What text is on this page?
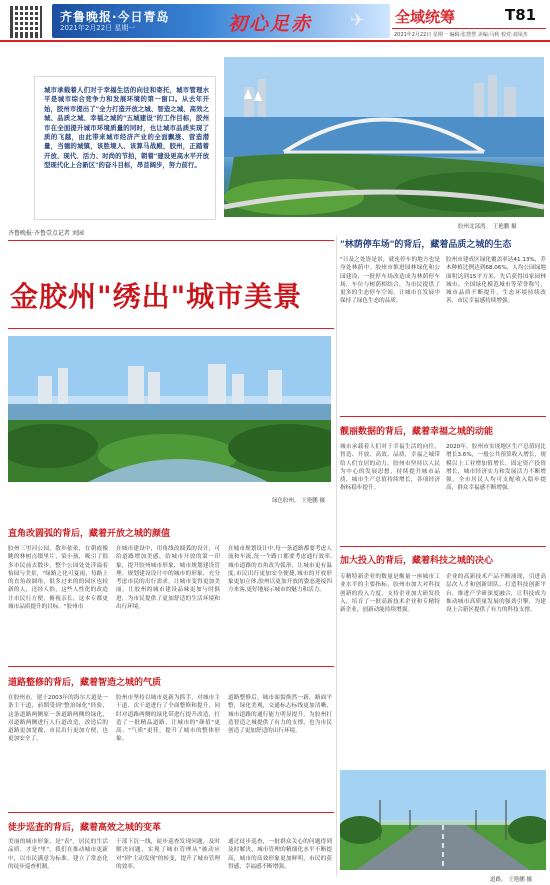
齐鲁晚报·今日青岛
2021年2月22日 星期一	初心足赤 ✈ 全域统筹	T81
2021年2月22日 星期一 编辑:张慧慧 美编:马秋 校对:刘凤杰
城市承载着人们对于幸福生活的向往和寄托，城市管理水平是城市综合竞争力和发展环境的第一窗口。从去年开始，胶州市提出了"全力打造开放之城、智造之城、高效之城、品质之城、幸福之城的"五城建设"的工作目标，胶州市在全面提升城市环境质量的同时，也让城市品质实现了质的飞越，由此带来城市经济产业的全面飘涨、营造潜量，当德的城镇，该胜境人、该算马战殿，胶州，正踏着开放、现代、活力、时尚的节拍，朝着"建设更高水平开放型现代化上合新区"的奋斗目标，昂首阔步，努力前行。
齐鲁晚报·齐鲁壹点记者 刘园
胶州北部湾。 王艳鹏 摄
金胶州"绣出"城市美景
绿色胶州。 王艳鹏 摄
直角改圆弧的背后，藏着开放之城的颜值
胶州三里河公园，散步依依，在朝霞像眺的林树点缀里片，染小孩，吸引了很多市民前去散步，整个公园处处洋溢着怡园与美景，"绿路之化可夏雨，每路上的直角改圆角，很多过来的的园区也较新的人，还经人怡，这些人性化的改造让市民行方便，俯视亲长，这本专都更城市品质提升的目标。"胶州市
在城市建设中，用角线改圆弧的设计，可给道路增加美感，给城市开放的第一印象，提升胶州城市形象，城市规划建设管理、规划建设设计中的城市的形象，充分考虑市民的出行需求，让城市变得更加美丽，让胶州的城市建设品味更加与时俱进，为市民提供了更加舒适的生活环境和出行环境。
在城市规划设计中,每一条道路都要考虑人流和车流,每一个路口都要考虑通行效率,城市道路的直角改为弧形，让城市更有温度,市民出行更加安全便捷,城市的开放形象更加立体,胶州以更加开放的姿态迎接四方来客,更好地展示城市的魅力和活力。
道路整修的背后，藏着智造之城的气质
在胶州市，建于2003年的海尔大道是一条主干道，前期受到"整治绿化"经验，这条道路两侧原一条道路两侧的绿化，对道路两侧进行人行道改造，改造后的道路更加宽敞，市民出行更加方便，也更加安全了。
胶州市坚持以城市更新为抓手，对城市主干道、次干道进行了全面整修和提升，同时对道路两侧的绿化带进行提升改造，打造了一批精品道路，让城市的"颜值"更高、"气质"更佳，提升了城市的整体形象。
道路整修后，城市面貌焕然一新，路面平整，绿化美观，交通标志标线更加清晰，城市道路的通行能力明显提升，为胶州打造智造之城提供了有力的支撑，也为市民创造了更加舒适的出行环境。
徒步巡查的背后，藏着高效之城的变革
美丽的城市形象，是"表"，居民的生活品质，才是"里"。我们在推动城市更新中，以市民满意为标准，建立了常态化的徒步巡查机制。
干部下沉一线，徒步巡查发现问题，及时解决问题，实现了城市管理从"被动应对"到"主动发现"的转变，提升了城市管理的效率。
通过徒步巡查，一批群众关心的问题得到及时解决，城市管理的精细化水平不断提高，城市的高效形象更加鲜明，市民的获得感、幸福感不断增强。
"林荫停车场"的背后，藏着品质之城的生态
"日及之处皆是景，就连停车的地方也是身处林荫中。胶州市推进园林绿化和公园建设，一批停车场改造成为林荫停车场，车位与树荫相结合，为市民提供了更多的生态停车空间，让城市在发展中保持了绿色生态的品质。
胶州市建成区绿化覆盖率达41.13%，乔木种植比例达到68.06%，人均公园绿地面积达到15平方米，先后获得国家园林城市、全国绿化模范城市等荣誉称号，城市品质不断提升，生态环境持续改善，市民幸福感持续增强。
靓丽数据的背后，藏着幸福之城的动能
城市承载着人们对于幸福生活的向往，智造、开放、高效、品质，幸福之城带给人们宜居的动力。胶州市坚持以人民为中心的发展思想，持续提升城市品质，城市生产总值持续增长，各项经济指标稳步提升。
2020年，胶州市实现地区生产总值同比增长3.6%，一般公共预算收入增长，规模以上工业增加值增长，固定资产投资增长，城市经济实力和发展活力不断增强，全市居民人均可支配收入稳步提高，群众幸福感不断增强。
加大投入的背后，藏着科技之城的决心
专精特新企业的数量是衡量一座城市工业水平的主要指标，胶州市加大对科技创新的投入力度，支持企业加大研发投入，培育了一批高新技术企业和专精特新企业，创新动能持续增强。
企业的高新技术产品不断涌现，引进高层次人才和创新团队，打造科技创新平台，推进产学研深度融合，让科技成为推动城市高质量发展的强劲引擎，为建设上合新区提供了有力的科技支撑。
道路。 王艳鹏 摄
